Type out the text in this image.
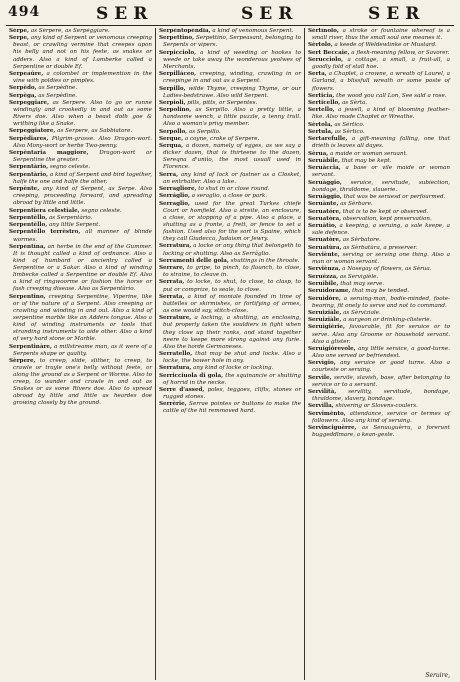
494	SER	SER	SER
Sèrpe, as Sèrpere, as Serpèggiare.
Serpe, any kind of Serpent or venomous creeping beast, or crawling vermine that creepes upon his belly and not on his feete, as snakes or adders. Also a kind of Lamberke called a Serpentine or double Ef.
Serpeaúre, a colombel or implemention in the vine with poldies or pimples.
Serpèdo, as Serpèdine.
Serpèga, as Serpèdine.
Serpeggiare, as Serpere. Also to go or runne windingly and crookedly in and out as some Rivers doe. Also when a beast doth goe & writhing like a Snake.
Serpeggiatore, as Serpere, as Sabbiatore.
Serpèdiares, Pilgrim-grasse. Also Dragon-wort. Also Mony-wort or herbe Two-penny.
Serpèntaria maggiore, Dragon-wort or Serpentine the greater.
Serpentàrio, segno celeste.
Serpentàrio, a kind of Serpent and bird together, halfe the one and halfe the other.
Serpènte, any kind of Serpent, as Serpe. Also creeping, proceeding forward, and spreading abroad by little and little.
Serpentiera celestiale, segno celeste.
Serpentèllo, as Serpentàrio.
Serpentèllo, any little Serpent.
Serpentèllo terrèstro, all manner of blinde wormes.
Serpentína, an herbe in the end of the Gummer. It is thought called a kind of ordnance. Also a kind of humbard or ancientry called a Serpentine or a Sakar. Also a kind of winding limbecke called a Serpentine or double Ef. Also a kind of ringwoorme or fashion the horse or fash creeping disease. Also as Serpentàrio.
Serpentino, creeping Serpentine, Viperine, like or of the nature of a Serpent. Also creeping or crawling and winding in and out. Also a kind of serpentine marble like an Adders tongue. Also a kind of winding instruments or tools that stranding instruments to aide other. Also a kind of very hard stone or Marble.
Serpentinàre, a millstreame man, as it were of a Serpents shape or quality.
Sèrpere, to creep, slide, slither, to creep, to crawle or trayle one's belly without feete, or along the ground as a Serpent or Worme. Also to creep, to wander and crawle in and out as Snakes or as some Rivers doe. Also to spread abroad by little and little as heardes doe growing closely by the ground.
Serpèntopèndia, a kind of venomous Serpent.
Serpettino, Serpettino, Serpeasant, belonging to Serpents or vipers.
Serpicciolo, a kind of weeding or hookes to weede or take away the wonderous yeolwes of Merchants.
Serpilláceo, creeping, winding, crawling in or creepinge in and out as a Serpent.
Serpillo, wilde Thyme, creeping Thyme, or our Ladies-bedstrawe. Also wild Serpent.
Serpioli, pills, pitts, or Serpentes.
Serpolino, as Serpillo. Also a pretty little, a handsome wench, a little puzzle, a tenny trull. Also a woman's privy member.
Serpollo, as Serpillo.
Serque, a coyne, croke of Serpere.
Serqua, a dozen, namely of egges, as we say a dicker dozen, that is thirteene to the dozen, Sereqna d'uniìo, the most usuall used in Florence.
Serra, any kind of lock or fastner as a Closket, an entrhalter. Also a lake.
Serragliore, to shut in or close round.
Serráglio, a seraglio, a close or park.
Serraglio, used for the great Turkes chiefe Court or homfield. Also a streite, an enclosure, a close, or stopping of a pipe. Also a place, a shutting as a fronte, a frett, or fence to set a fashion. Used also for the sort is Spaine, which they call Giudecca, Judaism or Jewry.
Serratura, a locke or any thing that belongeth to locking or shutting. Also as Serrâglio.
Serramenti delle gola, shuttings in the throate.
Serrare, to gripe, to pinch, to flaunch, to close, to straine, to cleave in.
Serrata, to locke, to shut, to close, to clasp, to put or comprize, to seale, to close.
Serrata, a kind of moniale founded in time of battelles or skirmishes, or fortifying of armes, as one would say, stitch-close.
Serrature, a locking, a shutting, an enclosing, but properly taken the souldiers in fight when they close up their ranks, and stand together neere to keepe more strong against any furie. Also the horde Germaneses.
Serratello, that may be shut and locke. Also a locke, the bower hole in any.
Serratura, any kind of locke or locking.
Serricciuola di gola, the squinancie or shutting of horrid in the necke.
Serre d'assed, poles, teggoes, clifts, stones or rugged stones.
Serrèrie, Serrae pointes or buttons to make the cattle of the hit remmoved hard.
Sèrtìnolo, a stroke or fountaine whereof is a small river, thus the small soul one meanes it.
Sèrtolo, a keede of Weldewlinke or Mustard.
Sert Beccaie, a flesh-meaning fellow, or Savorer.
Serucciolo, a cottage, a small, a fruit-all, a goodly fold of stall hoe.
Serta, a Chaplet, a crowne, a wreath of Laurel, a Garland, a blissfull wreath or some poste of flowers.
Serticia, the wood you call Lon, See sald a rose.
Serticello, as Sèrta.
Sertello, a jewell, a kind of blooming feather-like. Also made Chaplet or Wreathe.
Sèrtola, as Sèrtico.
Sertula, as Sèrtico.
Sertarefulle, a gift-meaning falling, one that drieth is leaves all dayes.
Sèrua, a maide or woman seruant.
Seruàbile, that may be kept.
Seruàccia, a base or vile maide or woman servant.
Seruàggio, seruice, servitude, subiection, bondage, thraldome, slauerie.
Seruàggio, that was be seruesd or perfourmed.
Seruànte, as Sèrbare.
Seruatóre, that is to be kept or observed.
Seruatòra, observation, kept preservation.
Seruàtìo, a keeping, a seruing, a sale keepe, a sale defence.
Seruatòre, as Sèrbatore.
Seruatùra, as Sèrbatùra, a preserver.
Serviènte, serving or serving one thing. Also a man or woman servant.
Serviènza, a Nosegay of flowers, as Sèrua.
Seruézza, as Servigièle.
Seruìbile, that may serve.
Seruìdorame, that may be tended.
Seruidòre, a seruing-man, bodie-minded, foote-bearing, fit onely to serve and not to command.
Seruiziàle, as Sèrviziale.
Seruiziàle, a surgeon or drinking-clisterie.
Seruìgièrie, favourable, fit for seruice or to serve. Also any Groome or household servant. Also a glister.
Seruìgiòrevole, any little seruice, a good-turne. Also one served or befriendest.
Servìgio, any seruice or good turne. Also a courteste or seruing.
Servìle, servile, slavish, base, after belonging to service or to a servant.
Servìlità, servility, servitude, bondage, thraldome, slavery, bondage.
Servìlla, shivering or Slovens-coulers.
Servimènto, attendance, service or termes of followers. Also any kind of seruing.
Servinciguèrre, as Senuuguèrra, a forerunt buggeddlmare, a kean-geste.
Seruire,
